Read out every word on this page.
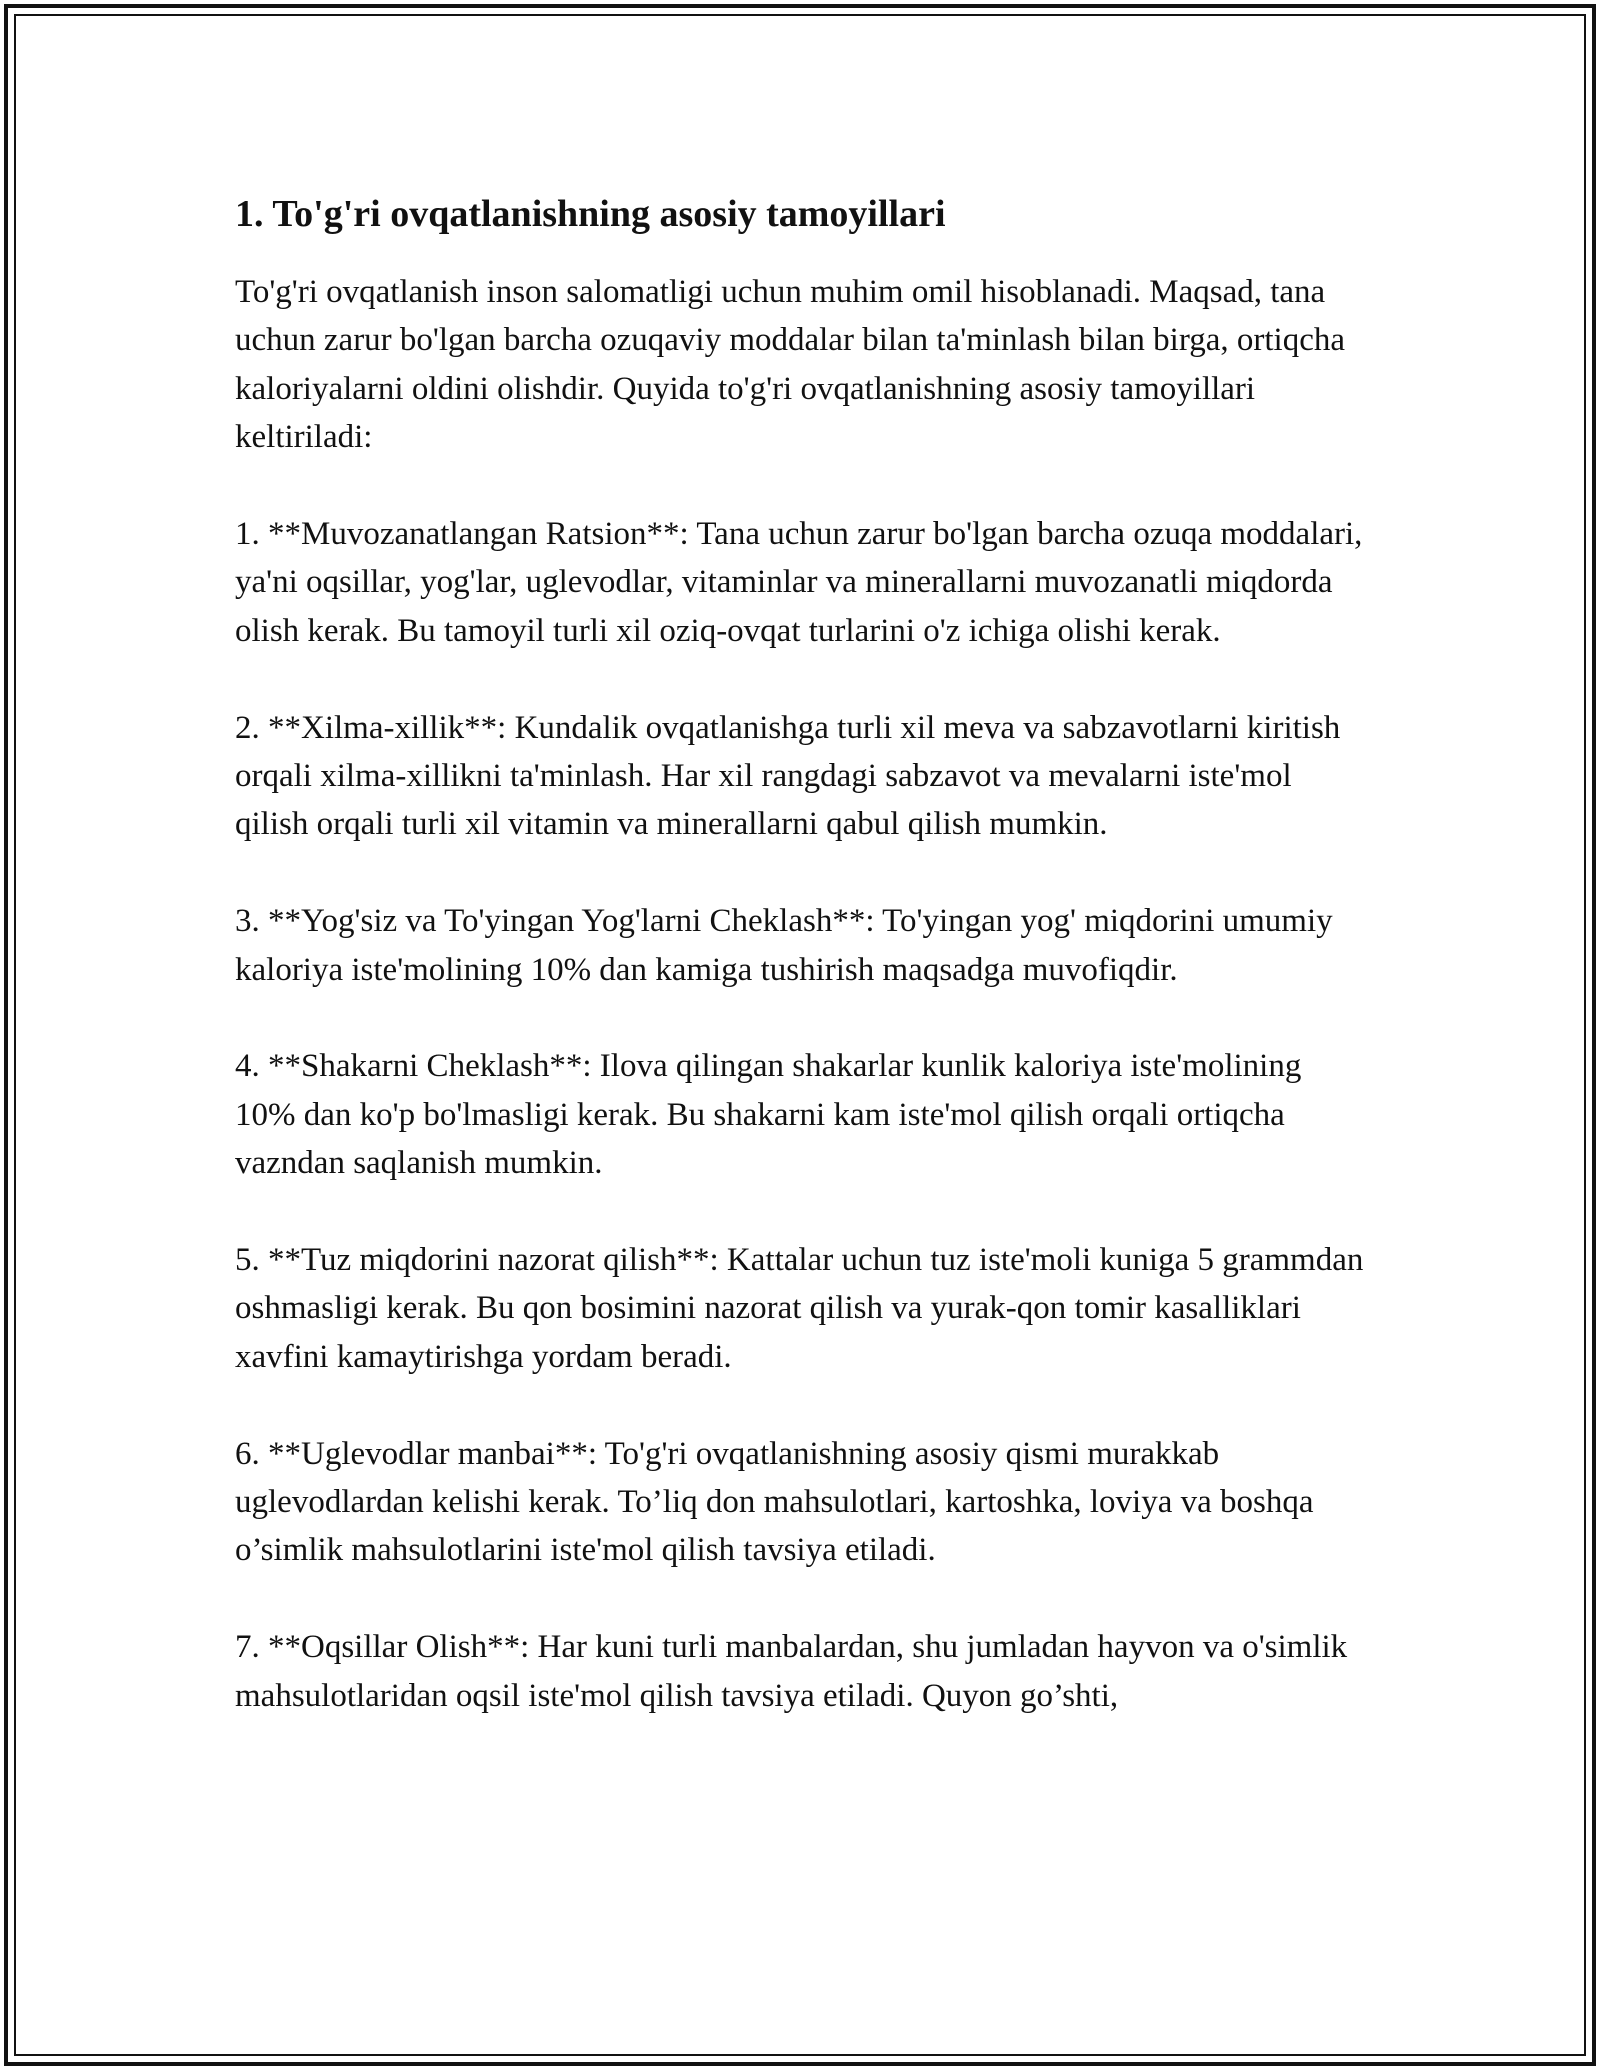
1. To'g'ri ovqatlanishning asosiy tamoyillari

To'g'ri ovqatlanish inson salomatligi uchun muhim omil hisoblanadi. Maqsad, tana uchun zarur bo'lgan barcha ozuqaviy moddalar bilan ta'minlash bilan birga, ortiqcha kaloriyalarni oldini olishdir. Quyida to'g'ri ovqatlanishning asosiy tamoyillari keltiriladi:

1. **Muvozanatlangan Ratsion**: Tana uchun zarur bo'lgan barcha ozuqa moddalari, ya'ni oqsillar, yog'lar, uglevodlar, vitaminlar va minerallarni muvozanatli miqdorda olish kerak. Bu tamoyil turli xil oziq-ovqat turlarini o'z ichiga olishi kerak.
2. **Xilma-xillik**: Kundalik ovqatlanishga turli xil meva va sabzavotlarni kiritish orqali xilma-xillikni ta'minlash. Har xil rangdagi sabzavot va mevalarni iste'mol qilish orqali turli xil vitamin va minerallarni qabul qilish mumkin.
3. **Yog'siz va To'yingan Yog'larni Cheklash**: To'yingan yog' miqdorini umumiy kaloriya iste'molining 10% dan kamiga tushirish maqsadga muvofiqdir.
4. **Shakarni Cheklash**: Ilova qilingan shakarlar kunlik kaloriya iste'molining 10% dan ko'p bo'lmasligi kerak. Bu shakarni kam iste'mol qilish orqali ortiqcha vazndan saqlanish mumkin.
5. **Tuz miqdorini nazorat qilish**: Kattalar uchun tuz iste'moli kuniga 5 grammdan oshmasligi kerak. Bu qon bosimini nazorat qilish va yurak-qon tomir kasalliklari xavfini kamaytirishga yordam beradi.
6. **Uglevodlar manbai**: To'g'ri ovqatlanishning asosiy qismi murakkab uglevodlardan kelishi kerak. To’liq don mahsulotlari, kartoshka, loviya va boshqa o’simlik mahsulotlarini iste'mol qilish tavsiya etiladi.
7. **Oqsillar Olish**: Har kuni turli manbalardan, shu jumladan hayvon va o'simlik mahsulotlaridan oqsil iste'mol qilish tavsiya etiladi. Quyon go’shti,
